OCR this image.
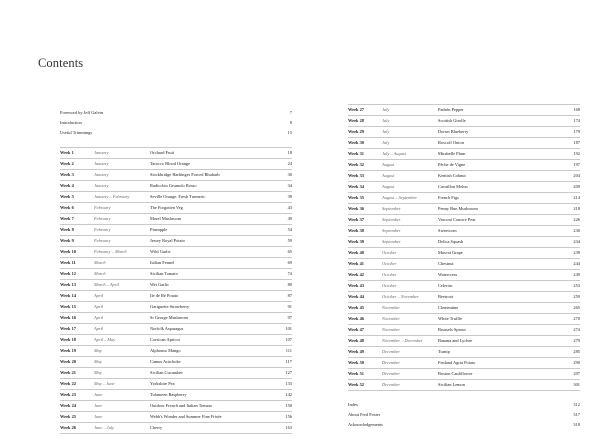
Contents
Foreword by Jeff Galvin	7
Introduction	8
Useful Trimmings	15
Week 1	January	Orchard Fruit	18
Week 2	January	Tarocco Blood Orange	24
Week 3	January	Stockbridge Harbinger Forced Rhubarb	30
Week 4	January	Radicchio Grumolo Rosso	34
Week 5	January – February	Seville Orange, Fresh Turmeric	39
Week 6	February	The Forgotten Veg	43
Week 7	February	Morel Mushroom	49
Week 8	February	Pineapple	54
Week 9	February	Jersey Royal Potato	59
Week 10	February – March	Wild Garlic	65
Week 11	March	Italian Fennel	69
Week 12	March	Sicilian Tomato	74
Week 13	March – April	Wet Garlic	80
Week 14	April	Ile de Ré Potato	87
Week 15	April	Gariguette Strawberry	91
Week 16	April	St George Mushroom	97
Week 17	April	Norfolk Asparagus	101
Week 18	April – May	Corsican Apricot	107
Week 19	May	Alphonso Mango	111
Week 20	May	Camus Artichoke	117
Week 21	May	Sicilian Cucumber	127
Week 22	May – June	Yorkshire Pea	133
Week 23	June	Tulameen Raspberry	142
Week 24	June	Outdoor French and Italian Tomato	150
Week 25	June	Webb's Wonder and Summer Fine Frisée	156
Week 26	June – July	Cherry	163
Week 27	July	Padrón Pepper	168
Week 28	July	Scottish Girolle	174
Week 29	July	Dorset Blueberry	179
Week 30	July	Roscoff Onion	187
Week 31	July – August	Mirabelle Plum	192
Week 32	August	Pêche de Vigne	197
Week 33	August	Kentish Cobnut	204
Week 34	August	Cavaillon Melon	209
Week 35	August – September	French Figs	214
Week 36	September	Penny Bun Mushroom	218
Week 37	September	Vasconi Comice Pear	226
Week 38	September	Sweetcorn	230
Week 39	September	Delica Squash	234
Week 40	October	Muscat Grape	239
Week 41	October	Chestnut	244
Week 42	October	Watercress	249
Week 43	October	Celeriac	253
Week 44	October – November	Beetroot	259
Week 45	November	Clementine	265
Week 46	November	White Truffle	270
Week 47	November	Brussels Sprout	274
Week 48	November – December	Banana and Lychee	279
Week 49	December	Turnip	285
Week 50	December	Fenland Agria Potato	290
Week 51	December	Boston Cauliflower	297
Week 52	December	Sicilian Lemon	301
Index	312
About Fred Foster	317
Acknowledgements	318
